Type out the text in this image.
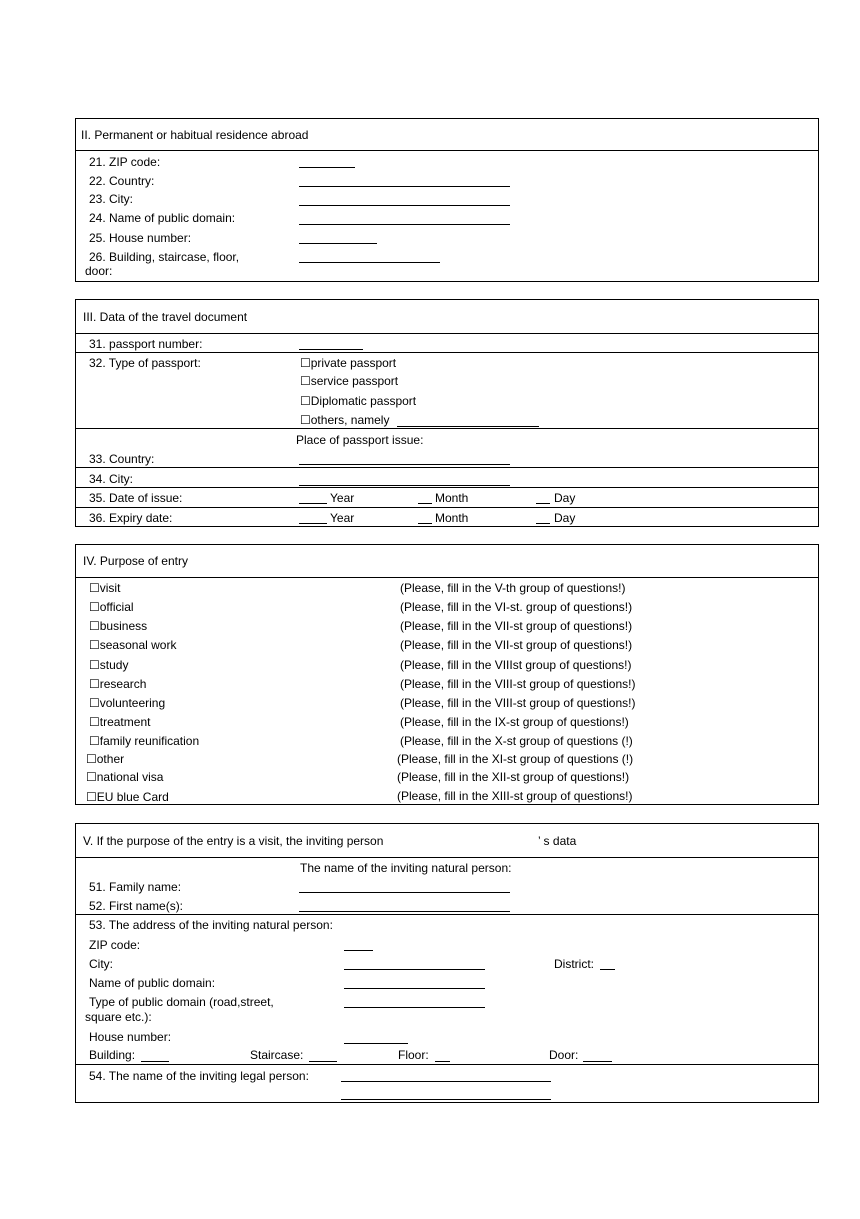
II. Permanent or habitual residence abroad
21. ZIP code:
22. Country:
23. City:
24. Name of public domain:
25. House number:
26. Building, staircase, floor,
door:
III. Data of the travel document
31. passport number:
32. Type of passport:	☐private passport
☐service passport
☐Diplomatic passport
☐others, namely
Place of passport issue:
33. Country:
34. City:
35. Date of issue:	Year	Month	Day
36. Expiry date:	Year	Month	Day
IV. Purpose of entry
☐visit	(Please, fill in the V-th group of questions!)
☐official	(Please, fill in the VI-st. group of questions!)
☐business	(Please, fill in the VII-st group of questions!)
☐seasonal work	(Please, fill in the VII-st group of questions!)
☐study	(Please, fill in the VIIIst group of questions!)
☐research	(Please, fill in the VIII-st group of questions!)
☐volunteering	(Please, fill in the VIII-st group of questions!)
☐treatment	(Please, fill in the IX-st group of questions!)
☐family reunification	(Please, fill in the X-st group of questions (!)
☐other	(Please, fill in the XI-st group of questions (!)
☐national visa	(Please, fill in the XII-st group of questions!)
☐EU blue Card	(Please, fill in the XIII-st group of questions!)
V. If the purpose of the entry is a visit, the inviting person	’ s data
The name of the inviting natural person:
51. Family name:
52. First name(s):
53. The address of the inviting natural person:
ZIP code:
City:	District:
Name of public domain:
Type of public domain (road,street,
square etc.):
House number:
Building:	Staircase:	Floor:	Door:
54. The name of the inviting legal person:
